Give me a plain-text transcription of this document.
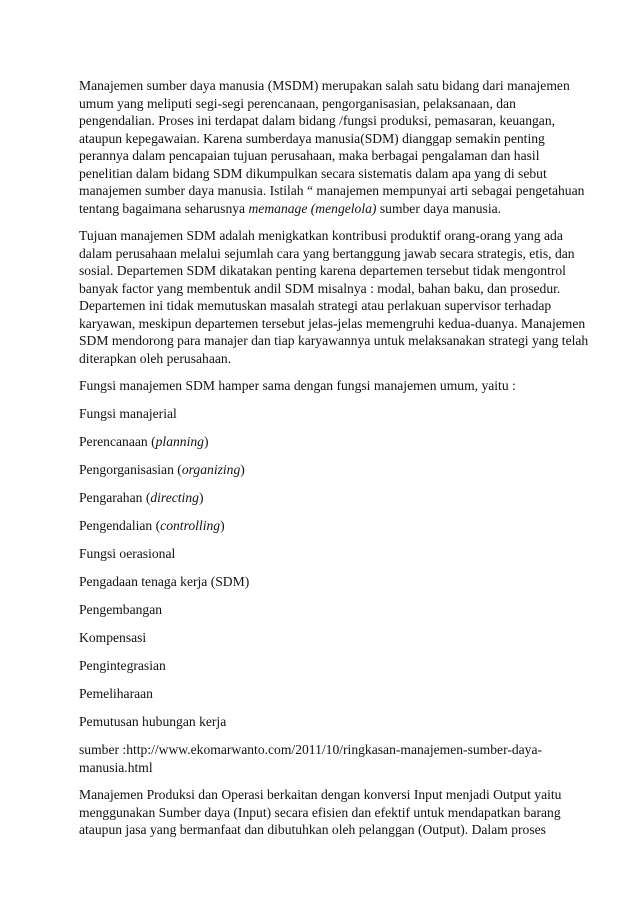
Manajemen sumber daya manusia (MSDM) merupakan salah satu bidang dari manajemen
umum yang meliputi segi-segi perencanaan, pengorganisasian, pelaksanaan, dan
pengendalian. Proses ini terdapat dalam bidang /fungsi produksi, pemasaran, keuangan,
ataupun kepegawaian. Karena sumberdaya manusia(SDM) dianggap semakin penting
perannya dalam pencapaian tujuan perusahaan, maka berbagai pengalaman dan hasil
penelitian dalam bidang SDM dikumpulkan secara sistematis dalam apa yang di sebut
manajemen sumber daya manusia. Istilah “ manajemen mempunyai arti sebagai pengetahuan
tentang bagaimana seharusnya memanage (mengelola) sumber daya manusia.

Tujuan manajemen SDM adalah menigkatkan kontribusi produktif orang-orang yang ada
dalam perusahaan melalui sejumlah cara yang bertanggung jawab secara strategis, etis, dan
sosial. Departemen SDM dikatakan penting karena departemen tersebut tidak mengontrol
banyak factor yang membentuk andil SDM misalnya : modal, bahan baku, dan prosedur.
Departemen ini tidak memutuskan masalah strategi atau perlakuan supervisor terhadap
karyawan, meskipun departemen tersebut jelas-jelas memengruhi kedua-duanya. Manajemen
SDM mendorong para manajer dan tiap karyawannya untuk melaksanakan strategi yang telah
diterapkan oleh perusahaan.

Fungsi manajemen SDM hamper sama dengan fungsi manajemen umum, yaitu :

Fungsi manajerial

Perencanaan (planning)

Pengorganisasian (organizing)

Pengarahan (directing)

Pengendalian (controlling)

Fungsi oerasional

Pengadaan tenaga kerja (SDM)

Pengembangan

Kompensasi

Pengintegrasian

Pemeliharaan

Pemutusan hubungan kerja

sumber :http://www.ekomarwanto.com/2011/10/ringkasan-manajemen-sumber-daya-
manusia.html

Manajemen Produksi dan Operasi berkaitan dengan konversi Input menjadi Output yaitu
menggunakan Sumber daya (Input) secara efisien dan efektif untuk mendapatkan barang
ataupun jasa yang bermanfaat dan dibutuhkan oleh pelanggan (Output). Dalam proses
